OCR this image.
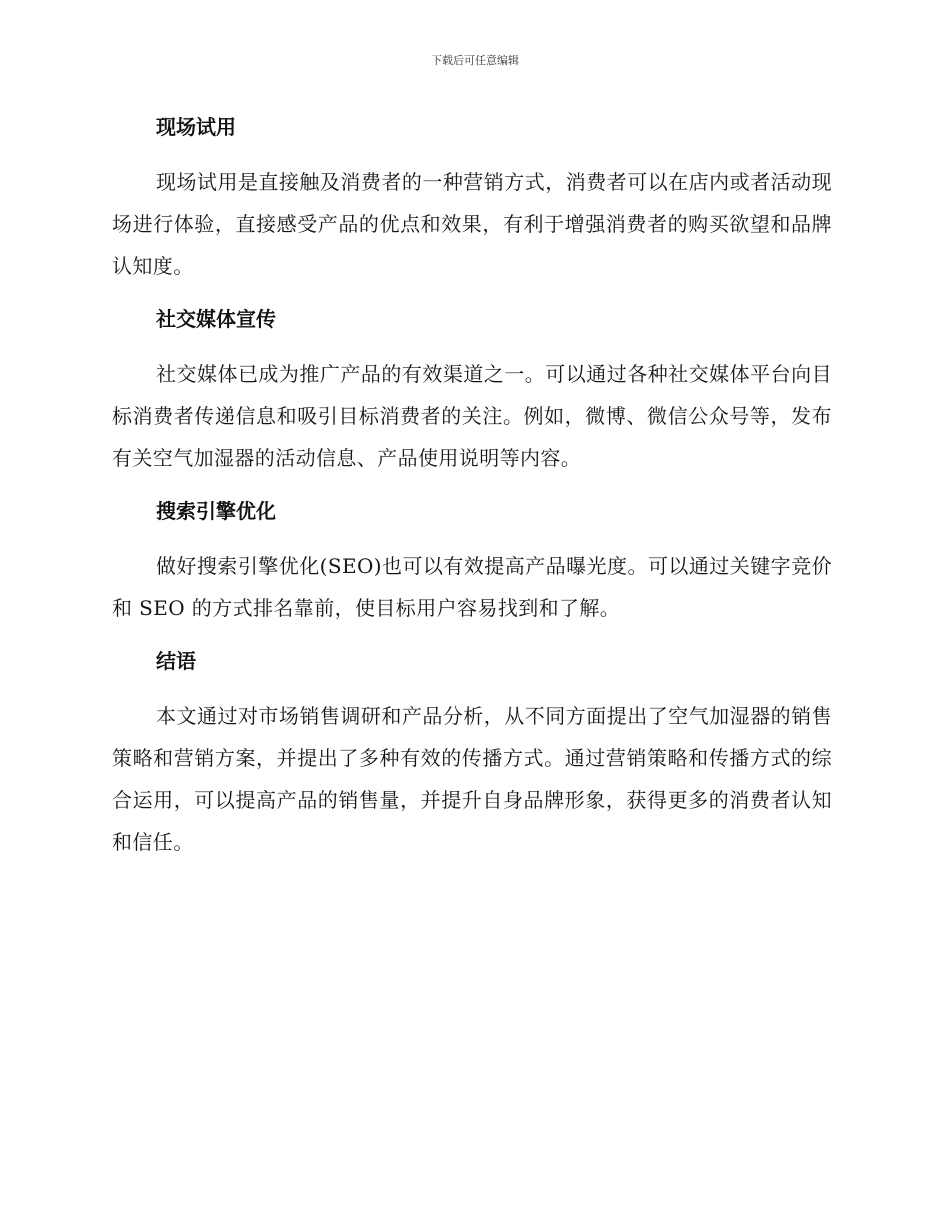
下载后可任意编辑
现场试用

现场试用是直接触及消费者的一种营销方式，消费者可以在店内或者活动现场进行体验，直接感受产品的优点和效果，有利于增强消费者的购买欲望和品牌认知度。

社交媒体宣传

社交媒体已成为推广产品的有效渠道之一。可以通过各种社交媒体平台向目标消费者传递信息和吸引目标消费者的关注。例如，微博、微信公众号等，发布有关空气加湿器的活动信息、产品使用说明等内容。

搜索引擎优化

做好搜索引擎优化(SEO)也可以有效提高产品曝光度。可以通过关键字竞价和 SEO 的方式排名靠前，使目标用户容易找到和了解。

结语

本文通过对市场销售调研和产品分析，从不同方面提出了空气加湿器的销售策略和营销方案，并提出了多种有效的传播方式。通过营销策略和传播方式的综合运用，可以提高产品的销售量，并提升自身品牌形象，获得更多的消费者认知和信任。
